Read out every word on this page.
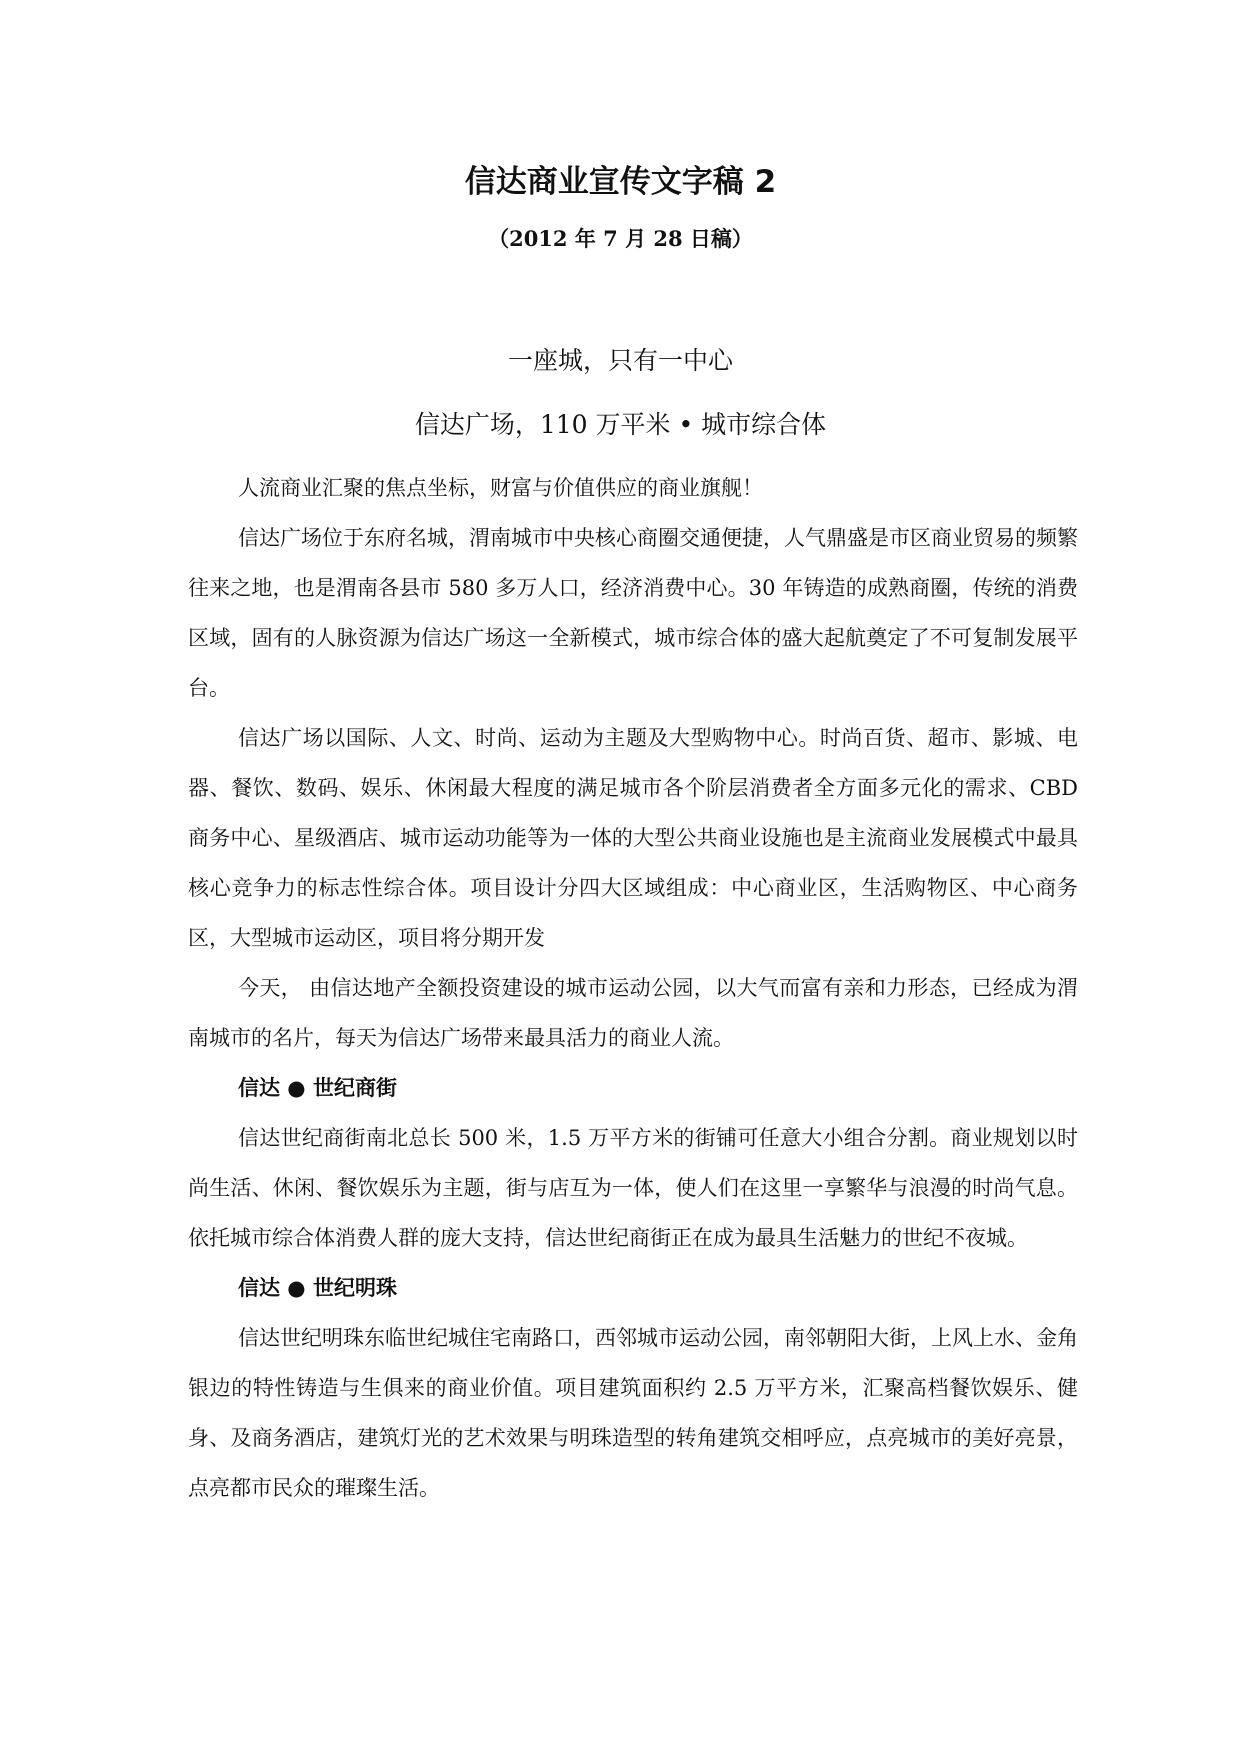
信达商业宣传文字稿 2
（2012 年 7 月 28 日稿）
一座城，只有一中心
信达广场，110 万平米 • 城市综合体

人流商业汇聚的焦点坐标，财富与价值供应的商业旗舰！

信达广场位于东府名城，渭南城市中央核心商圈交通便捷，人气鼎盛是市区商业贸易的频繁往来之地，也是渭南各县市 580 多万人口，经济消费中心。30 年铸造的成熟商圈，传统的消费区域，固有的人脉资源为信达广场这一全新模式，城市综合体的盛大起航奠定了不可复制发展平台。

信达广场以国际、人文、时尚、运动为主题及大型购物中心。时尚百货、超市、影城、电器、餐饮、数码、娱乐、休闲最大程度的满足城市各个阶层消费者全方面多元化的需求、CBD 商务中心、星级酒店、城市运动功能等为一体的大型公共商业设施也是主流商业发展模式中最具核心竞争力的标志性综合体。项目设计分四大区域组成：中心商业区，生活购物区、中心商务区，大型城市运动区，项目将分期开发

今天， 由信达地产全额投资建设的城市运动公园，以大气而富有亲和力形态，已经成为渭南城市的名片，每天为信达广场带来最具活力的商业人流。

信达 ● 世纪商街

信达世纪商街南北总长 500 米，1.5 万平方米的街铺可任意大小组合分割。商业规划以时尚生活、休闲、餐饮娱乐为主题，街与店互为一体，使人们在这里一享繁华与浪漫的时尚气息。依托城市综合体消费人群的庞大支持，信达世纪商街正在成为最具生活魅力的世纪不夜城。

信达 ● 世纪明珠

信达世纪明珠东临世纪城住宅南路口，西邻城市运动公园，南邻朝阳大街，上风上水、金角银边的特性铸造与生俱来的商业价值。项目建筑面积约 2.5 万平方米，汇聚高档餐饮娱乐、健身、及商务酒店，建筑灯光的艺术效果与明珠造型的转角建筑交相呼应，点亮城市的美好亮景，点亮都市民众的璀璨生活。
